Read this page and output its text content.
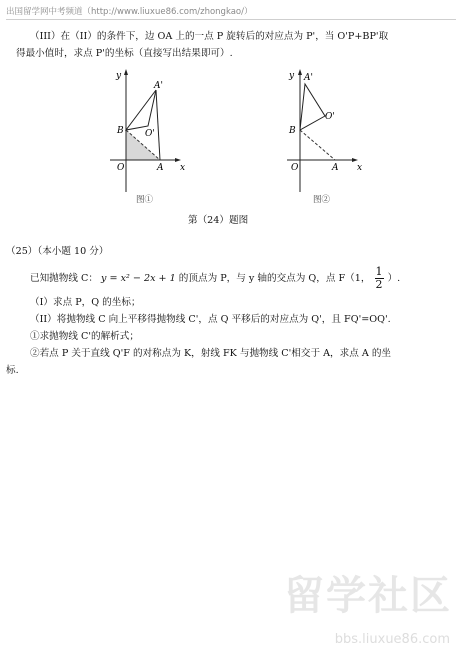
出国留学网中考频道（http://www.liuxue86.com/zhongkao/）
（III）在（II）的条件下，边 OA 上的一点 P 旋转后的对应点为 P'，当 O'P+BP'取
得最小值时，求点 P'的坐标（直接写出结果即可）.
y
x
O	A
B
A'
O'
图①
y
x
O	A
B
A'
O'
图②
第（24）题图
（25）（本小题 10 分）
已知抛物线 C： y = x² − 2x + 1 的顶点为 P，与 y 轴的交点为 Q，点 F（1， $\frac{1}{2}$ ）.
（I）求点 P，Q 的坐标；
（II）将抛物线 C 向上平移得抛物线 C'，点 Q 平移后的对应点为 Q'，且 FQ'=OQ'.
①求抛物线 C'的解析式；
②若点 P 关于直线 Q'F 的对称点为 K，射线 FK 与抛物线 C'相交于 A，求点 A 的坐
标.
留学社区
bbs.liuxue86.com
